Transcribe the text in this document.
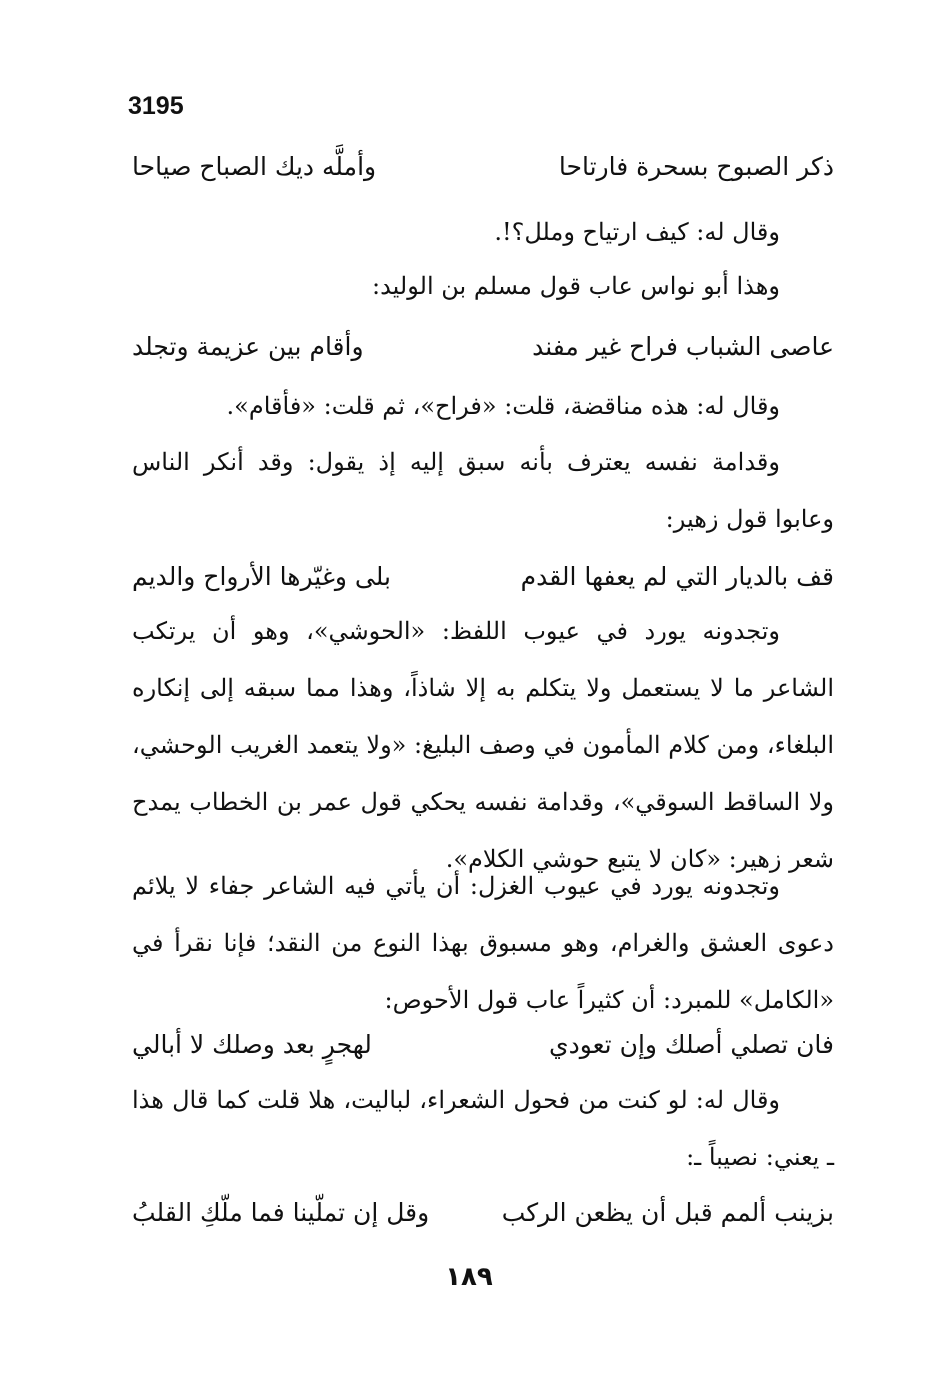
3195
ذكر الصبوح بسحرة فارتاحا
وأملَّه ديك الصباح صياحا
وقال له: كيف ارتياح وملل؟!.
وهذا أبو نواس عاب قول مسلم بن الوليد:
عاصى الشباب فراح غير مفند
وأقام بين عزيمة وتجلد
وقال له: هذه مناقضة، قلت: «فراح»، ثم قلت: «فأقام».

وقدامة نفسه يعترف بأنه سبق إليه إذ يقول: وقد أنكر الناس وعابوا قول زهير:

قف بالديار التي لم يعفها القدم
بلى وغيّرها الأرواح والديم

وتجدونه يورد في عيوب اللفظ: «الحوشي»، وهو أن يرتكب الشاعر ما لا يستعمل ولا يتكلم به إلا شاذاً، وهذا مما سبقه إلى إنكاره البلغاء، ومن كلام المأمون في وصف البليغ: «ولا يتعمد الغريب الوحشي، ولا الساقط السوقي»، وقدامة نفسه يحكي قول عمر بن الخطاب يمدح شعر زهير: «كان لا يتبع حوشي الكلام».

وتجدونه يورد في عيوب الغزل: أن يأتي فيه الشاعر جفاء لا يلائم دعوى العشق والغرام، وهو مسبوق بهذا النوع من النقد؛ فإنا نقرأ في «الكامل» للمبرد: أن كثيراً عاب قول الأحوص:

فان تصلي أصلك وإن تعودي
لهجرٍ بعد وصلك لا أبالي

وقال له: لو كنت من فحول الشعراء، لباليت، هلا قلت كما قال هذا ـ يعني: نصيباً ـ:

بزينب ألمم قبل أن يظعن الركب
وقل إن تملّينا فما ملّكِ القلبُ
١٨٩
